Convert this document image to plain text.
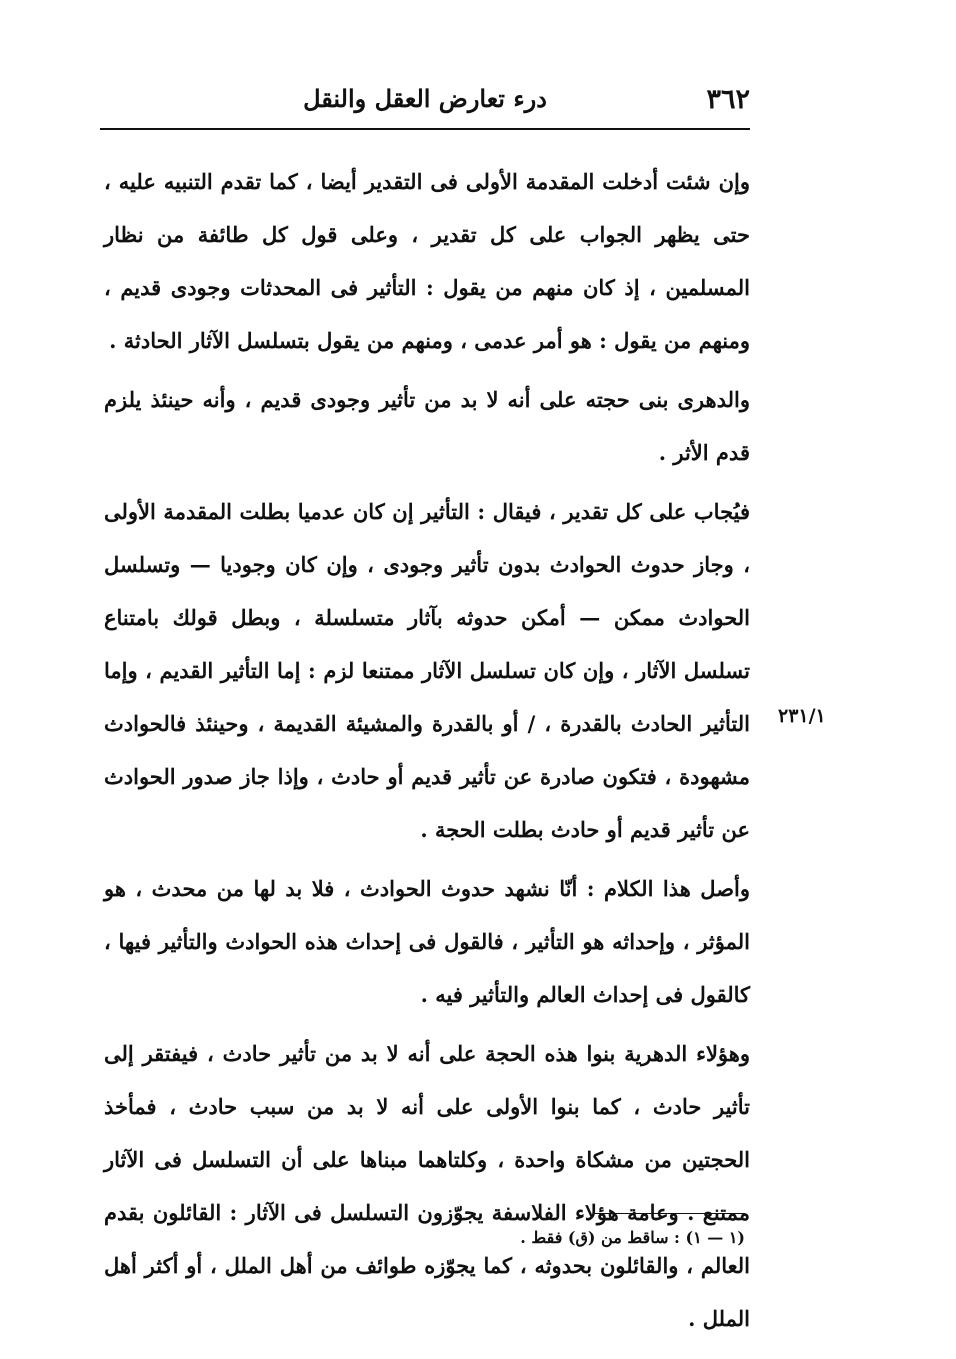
٣٦٢
درء تعارض العقل والنقل

وإن شئت أدخلت المقدمة الأولى فى التقدير أيضا ، كما تقدم التنبيه عليه ، حتى يظهر الجواب على كل تقدير ، وعلى قول كل طائفة من نظار المسلمين ، إذ كان منهم من يقول : التأثير فى المحدثات وجودى قديم ، ومنهم من يقول : هو أمر عدمى ، ومنهم من يقول بتسلسل الآثار الحادثة .

والدهرى بنى حجته على أنه لا بد من تأثير وجودى قديم ، وأنه حينئذ يلزم قدم الأثر .

فيُجاب على كل تقدير ، فيقال : التأثير إن كان عدميا بطلت المقدمة الأولى ، وجاز حدوث الحوادث بدون تأثير وجودى ، وإن كان وجوديا — وتسلسل الحوادث ممكن — أمكن حدوثه بآثار متسلسلة ، وبطل قولك بامتناع تسلسل الآثار ، وإن كان تسلسل الآثار ممتنعا لزم : إما التأثير القديم ، وإما التأثير الحادث بالقدرة ، / أو بالقدرة والمشيئة القديمة ، وحينئذ فالحوادث مشهودة ، فتكون صادرة عن تأثير قديم أو حادث ، وإذا جاز صدور الحوادث عن تأثير قديم أو حادث بطلت الحجة .

وأصل هذا الكلام : أنّا نشهد حدوث الحوادث ، فلا بد لها من محدث ، هو المؤثر ، وإحداثه هو التأثير ، فالقول فى إحداث هذه الحوادث والتأثير فيها ، كالقول فى إحداث العالم والتأثير فيه .

وهؤلاء الدهرية بنوا هذه الحجة على أنه لا بد من تأثير حادث ، فيفتقر إلى تأثير حادث ، كما بنوا الأولى على أنه لا بد من سبب حادث ، فمأخذ الحجتين من مشكاة واحدة ، وكلتاهما مبناها على أن التسلسل فى الآثار ممتنع . وعامة هؤلاء الفلاسفة يجوّزون التسلسل فى الآثار : القائلون بقدم العالم ، والقائلون بحدوثه ، كما يجوّزه طوائف من أهل الملل ، أو أكثر أهل الملل .

٢٣١/١
(١ — ١) : ساقط من (ق) فقط .
